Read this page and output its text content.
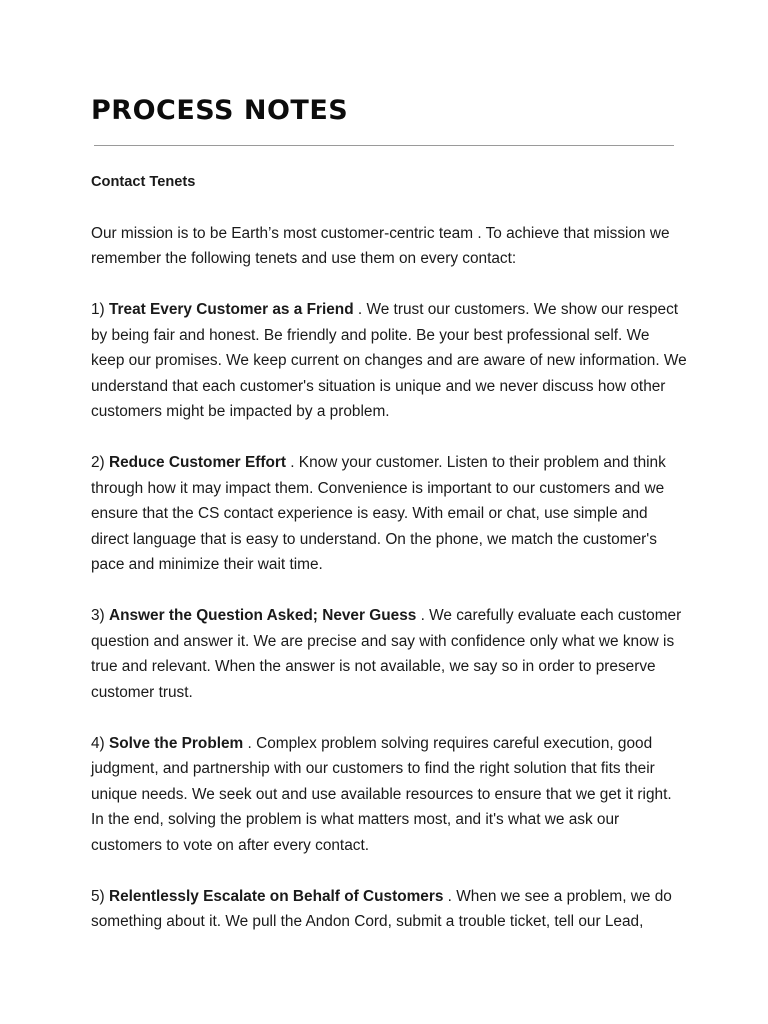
PROCESS NOTES

Contact Tenets

Our mission is to be Earth’s most customer-centric team . To achieve that mission we remember the following tenets and use them on every contact:

1) Treat Every Customer as a Friend . We trust our customers. We show our respect by being fair and honest. Be friendly and polite. Be your best professional self. We keep our promises. We keep current on changes and are aware of new information. We understand that each customer's situation is unique and we never discuss how other customers might be impacted by a problem.

2) Reduce Customer Effort . Know your customer. Listen to their problem and think through how it may impact them. Convenience is important to our customers and we ensure that the CS contact experience is easy. With email or chat, use simple and direct language that is easy to understand. On the phone, we match the customer's pace and minimize their wait time.

3) Answer the Question Asked; Never Guess . We carefully evaluate each customer question and answer it. We are precise and say with confidence only what we know is true and relevant. When the answer is not available, we say so in order to preserve customer trust.

4) Solve the Problem . Complex problem solving requires careful execution, good judgment, and partnership with our customers to find the right solution that fits their unique needs. We seek out and use available resources to ensure that we get it right. In the end, solving the problem is what matters most, and it's what we ask our customers to vote on after every contact.

5) Relentlessly Escalate on Behalf of Customers . When we see a problem, we do something about it. We pull the Andon Cord, submit a trouble ticket, tell our Lead,
